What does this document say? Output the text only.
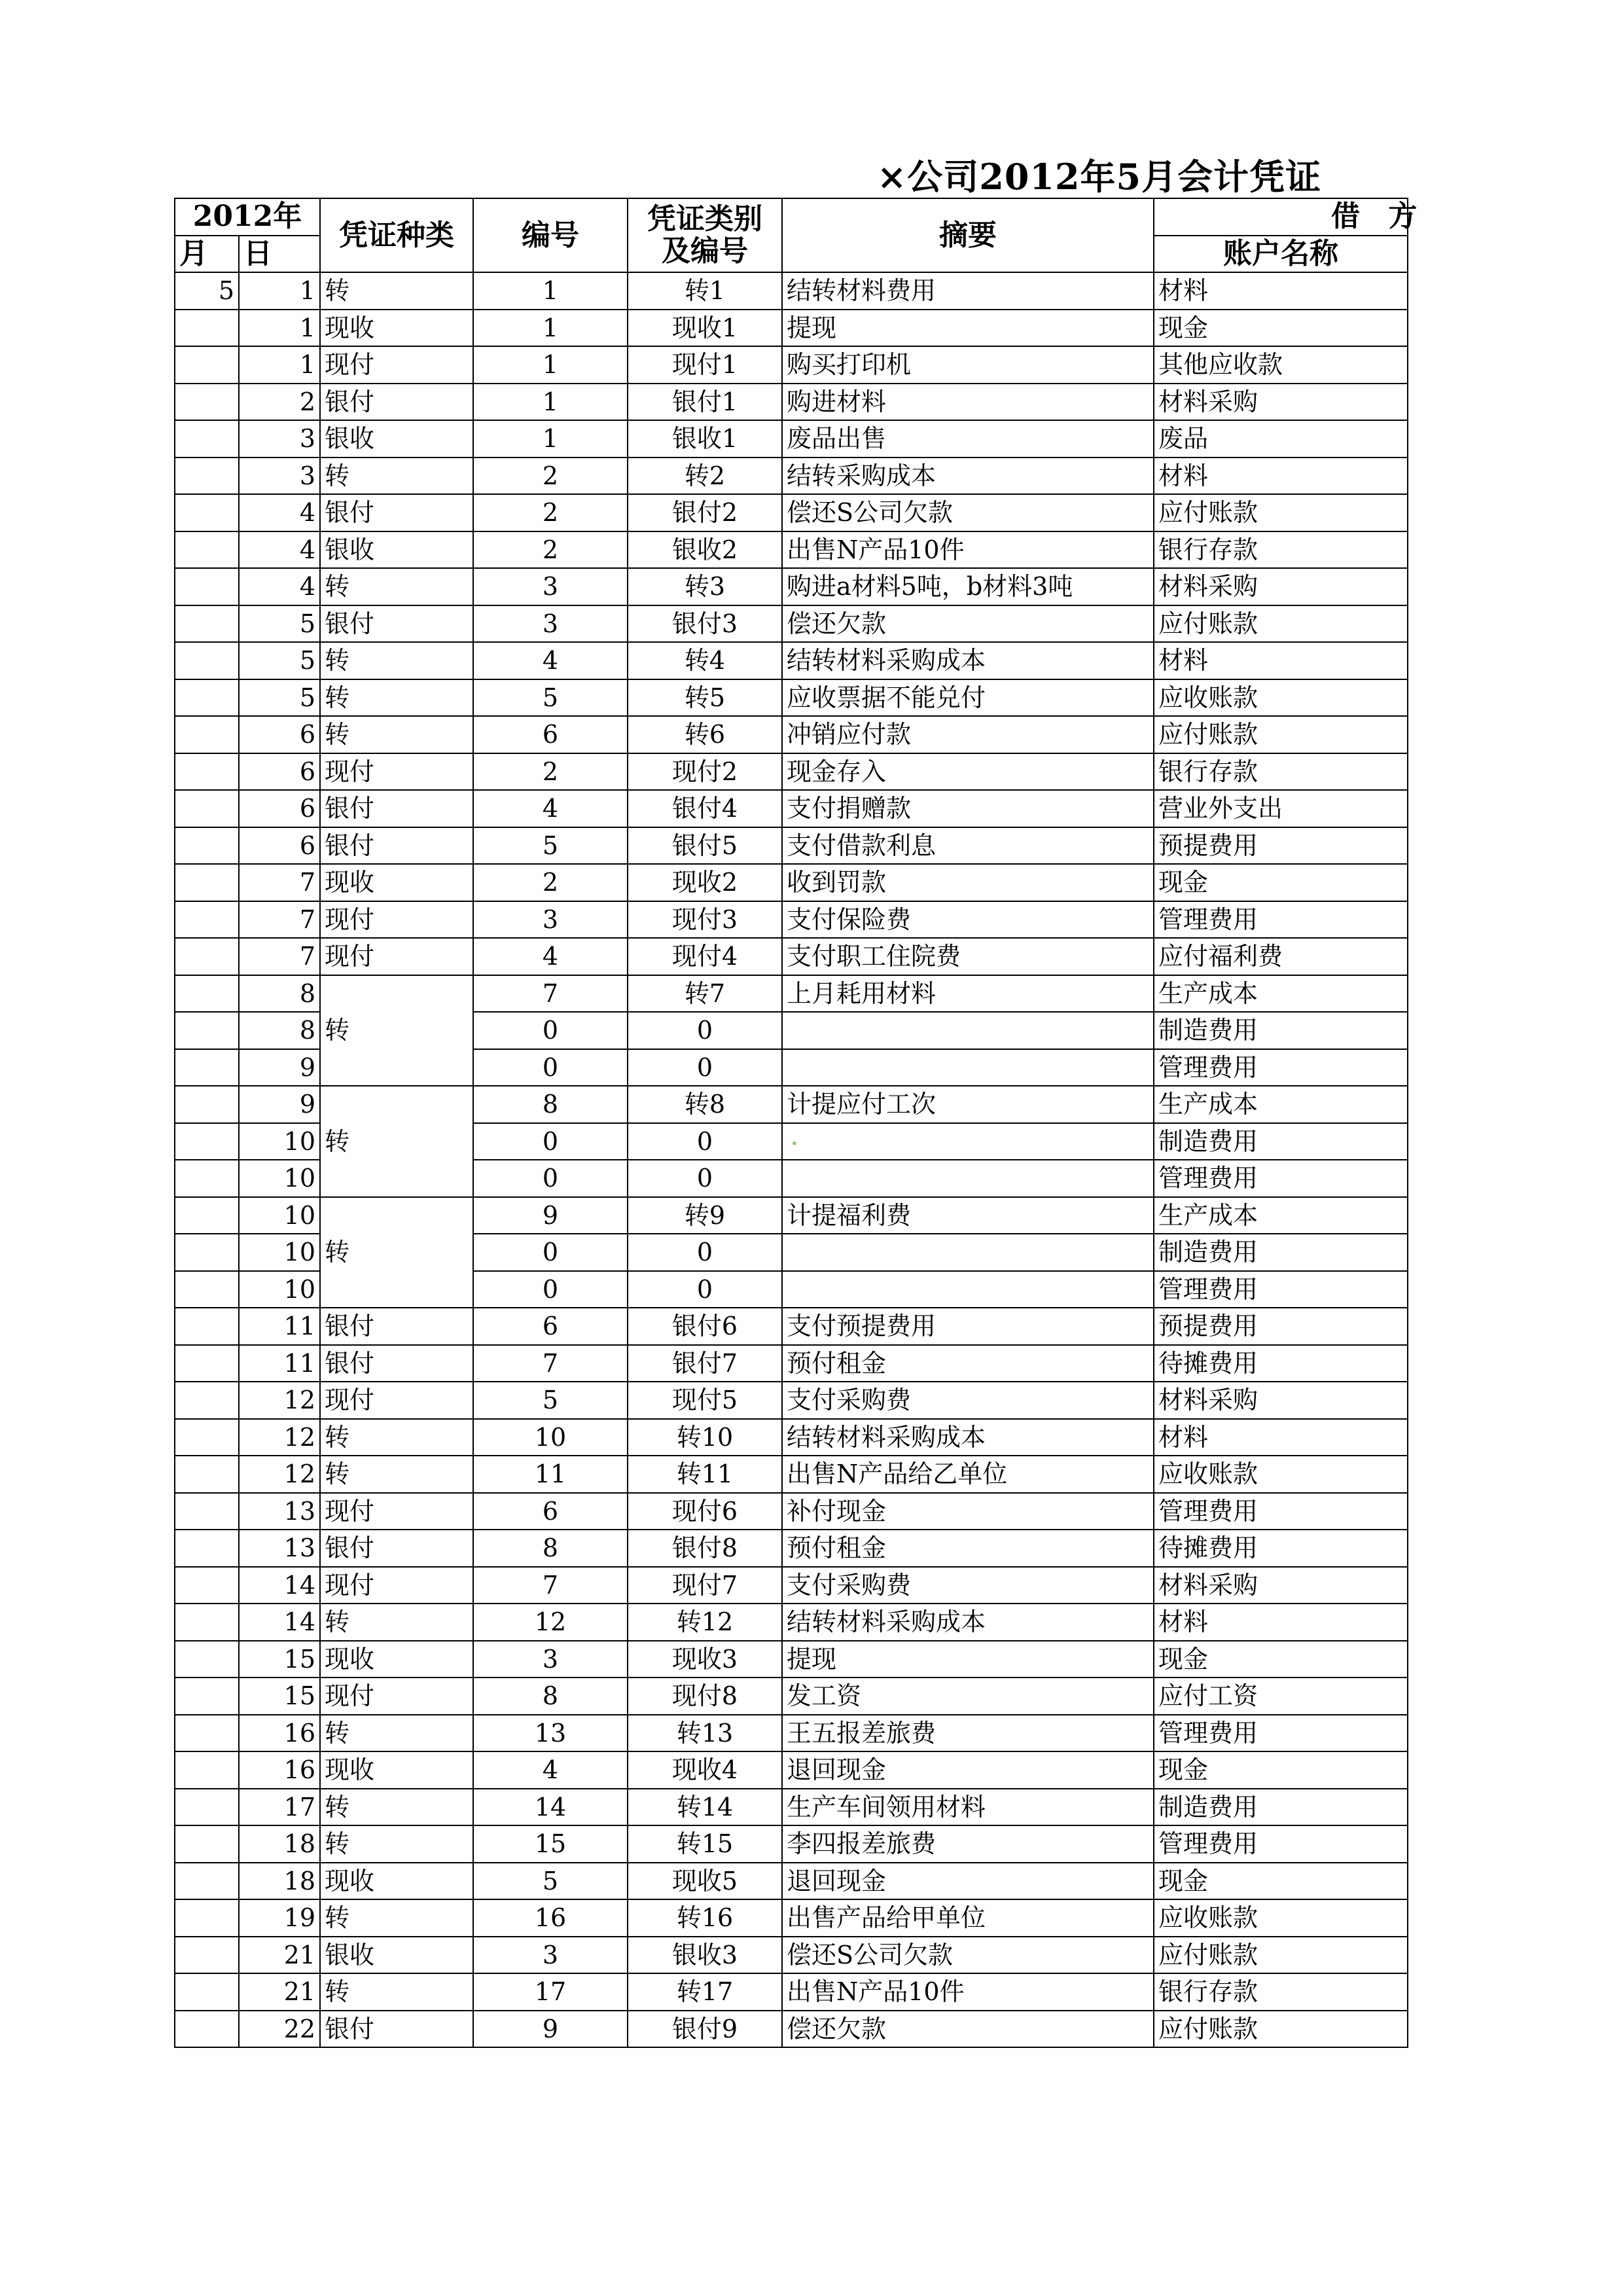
×公司2012年5月会计凭证
2012年		凭证种类	编号	凭证类别
及编号	摘要	借 方
月	日					账户名称
5	1	转	1	转1	结转材料费用	材料
	1	现收	1	现收1	提现	现金
	1	现付	1	现付1	购买打印机	其他应收款
	2	银付	1	银付1	购进材料	材料采购
	3	银收	1	银收1	废品出售	废品
	3	转	2	转2	结转采购成本	材料
	4	银付	2	银付2	偿还S公司欠款	应付账款
	4	银收	2	银收2	出售N产品10件	银行存款
	4	转	3	转3	购进a材料5吨，b材料3吨	材料采购
	5	银付	3	银付3	偿还欠款	应付账款
	5	转	4	转4	结转材料采购成本	材料
	5	转	5	转5	应收票据不能兑付	应收账款
	6	转	6	转6	冲销应付款	应付账款
	6	现付	2	现付2	现金存入	银行存款
	6	银付	4	银付4	支付捐赠款	营业外支出
	6	银付	5	银付5	支付借款利息	预提费用
	7	现收	2	现收2	收到罚款	现金
	7	现付	3	现付3	支付保险费	管理费用
	7	现付	4	现付4	支付职工住院费	应付福利费
	8	转	7	转7	上月耗用材料	生产成本
	8		0	0		制造费用
	9		0	0		管理费用
	9	转	8	转8	计提应付工次	生产成本
	10		0	0		制造费用
	10		0	0		管理费用
	10	转	9	转9	计提福利费	生产成本
	10		0	0		制造费用
	10		0	0		管理费用
	11	银付	6	银付6	支付预提费用	预提费用
	11	银付	7	银付7	预付租金	待摊费用
	12	现付	5	现付5	支付采购费	材料采购
	12	转	10	转10	结转材料采购成本	材料
	12	转	11	转11	出售N产品给乙单位	应收账款
	13	现付	6	现付6	补付现金	管理费用
	13	银付	8	银付8	预付租金	待摊费用
	14	现付	7	现付7	支付采购费	材料采购
	14	转	12	转12	结转材料采购成本	材料
	15	现收	3	现收3	提现	现金
	15	现付	8	现付8	发工资	应付工资
	16	转	13	转13	王五报差旅费	管理费用
	16	现收	4	现收4	退回现金	现金
	17	转	14	转14	生产车间领用材料	制造费用
	18	转	15	转15	李四报差旅费	管理费用
	18	现收	5	现收5	退回现金	现金
	19	转	16	转16	出售产品给甲单位	应收账款
	21	银收	3	银收3	偿还S公司欠款	应付账款
	21	转	17	转17	出售N产品10件	银行存款
	22	银付	9	银付9	偿还欠款	应付账款
•
